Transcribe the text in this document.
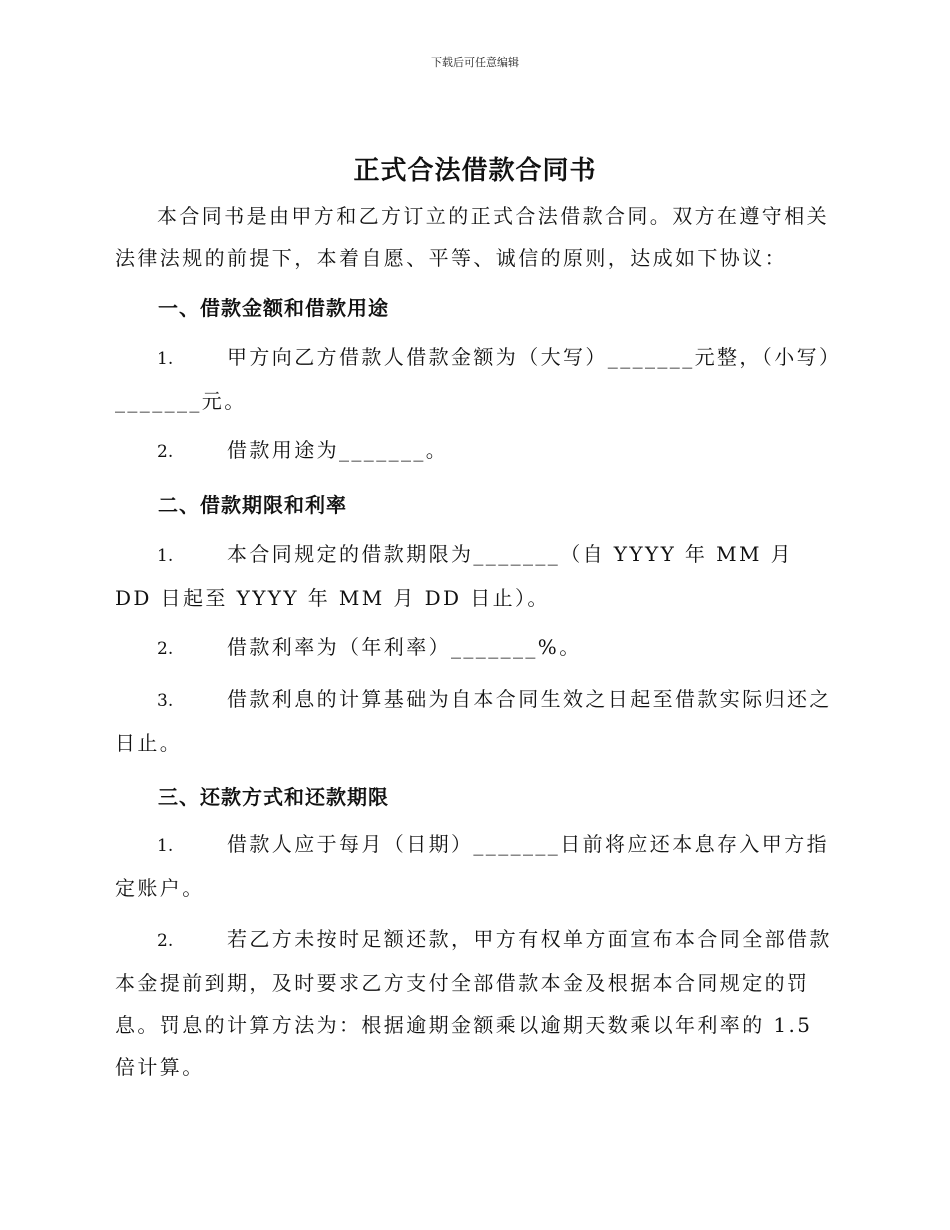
下载后可任意编辑
正式合法借款合同书

本合同书是由甲方和乙方订立的正式合法借款合同。双方在遵守相关法律法规的前提下，本着自愿、平等、诚信的原则，达成如下协议：

一、借款金额和借款用途

1.	甲方向乙方借款人借款金额为（大写）_______元整，（小写）_______元。

2.	借款用途为_______。

二、借款期限和利率

1.	本合同规定的借款期限为_______（自 YYYY 年 MM 月 DD 日起至 YYYY 年 MM 月 DD 日止）。

2.	借款利率为（年利率）_______%。

3.	借款利息的计算基础为自本合同生效之日起至借款实际归还之日止。

三、还款方式和还款期限

1.	借款人应于每月（日期）_______日前将应还本息存入甲方指定账户。

2.	若乙方未按时足额还款，甲方有权单方面宣布本合同全部借款本金提前到期，及时要求乙方支付全部借款本金及根据本合同规定的罚息。罚息的计算方法为：根据逾期金额乘以逾期天数乘以年利率的 1.5 倍计算。
